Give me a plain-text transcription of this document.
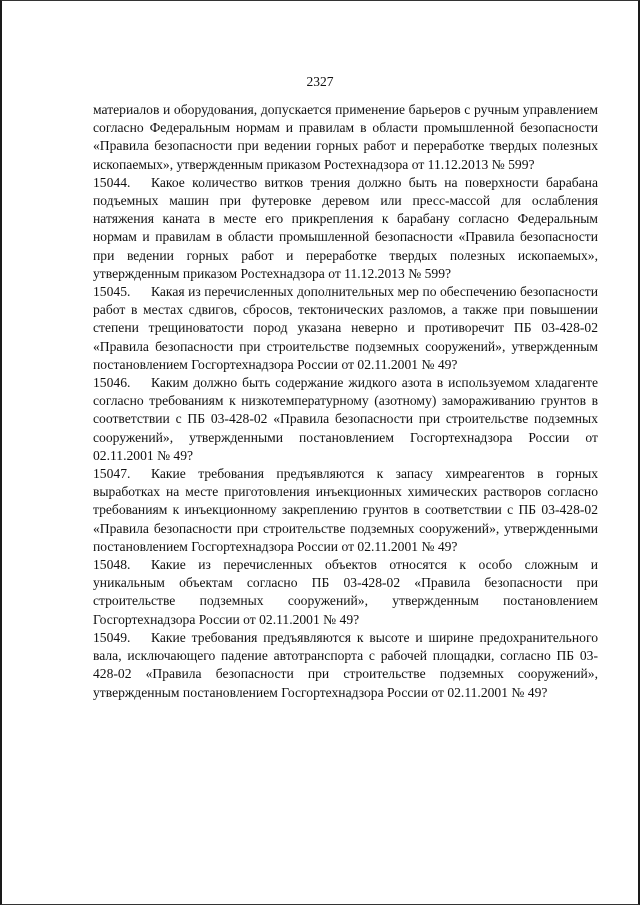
2327

материалов и оборудования, допускается применение барьеров с ручным управлением согласно Федеральным нормам и правилам в области промышленной безопасности «Правила безопасности при ведении горных работ и переработке твердых полезных ископаемых», утвержденным приказом Ростехнадзора от 11.12.2013 № 599?

15044. Какое количество витков трения должно быть на поверхности барабана подъемных машин при футеровке деревом или пресс-массой для ослабления натяжения каната в месте его прикрепления к барабану согласно Федеральным нормам и правилам в области промышленной безопасности «Правила безопасности при ведении горных работ и переработке твердых полезных ископаемых», утвержденным приказом Ростехнадзора от 11.12.2013 № 599?

15045. Какая из перечисленных дополнительных мер по обеспечению безопасности работ в местах сдвигов, сбросов, тектонических разломов, а также при повышении степени трещиноватости пород указана неверно и противоречит ПБ 03-428-02 «Правила безопасности при строительстве подземных сооружений», утвержденным постановлением Госгортехнадзора России от 02.11.2001 № 49?

15046. Каким должно быть содержание жидкого азота в используемом хладагенте согласно требованиям к низкотемпературному (азотному) замораживанию грунтов в соответствии с ПБ 03-428-02 «Правила безопасности при строительстве подземных сооружений», утвержденными постановлением Госгортехнадзора России от 02.11.2001 № 49?

15047. Какие требования предъявляются к запасу химреагентов в горных выработках на месте приготовления инъекционных химических растворов согласно требованиям к инъекционному закреплению грунтов в соответствии с ПБ 03-428-02 «Правила безопасности при строительстве подземных сооружений», утвержденными постановлением Госгортехнадзора России от 02.11.2001 № 49?

15048. Какие из перечисленных объектов относятся к особо сложным и уникальным объектам согласно ПБ 03-428-02 «Правила безопасности при строительстве подземных сооружений», утвержденным постановлением Госгортехнадзора России от 02.11.2001 № 49?

15049. Какие требования предъявляются к высоте и ширине предохранительного вала, исключающего падение автотранспорта с рабочей площадки, согласно ПБ 03-428-02 «Правила безопасности при строительстве подземных сооружений», утвержденным постановлением Госгортехнадзора России от 02.11.2001 № 49?
